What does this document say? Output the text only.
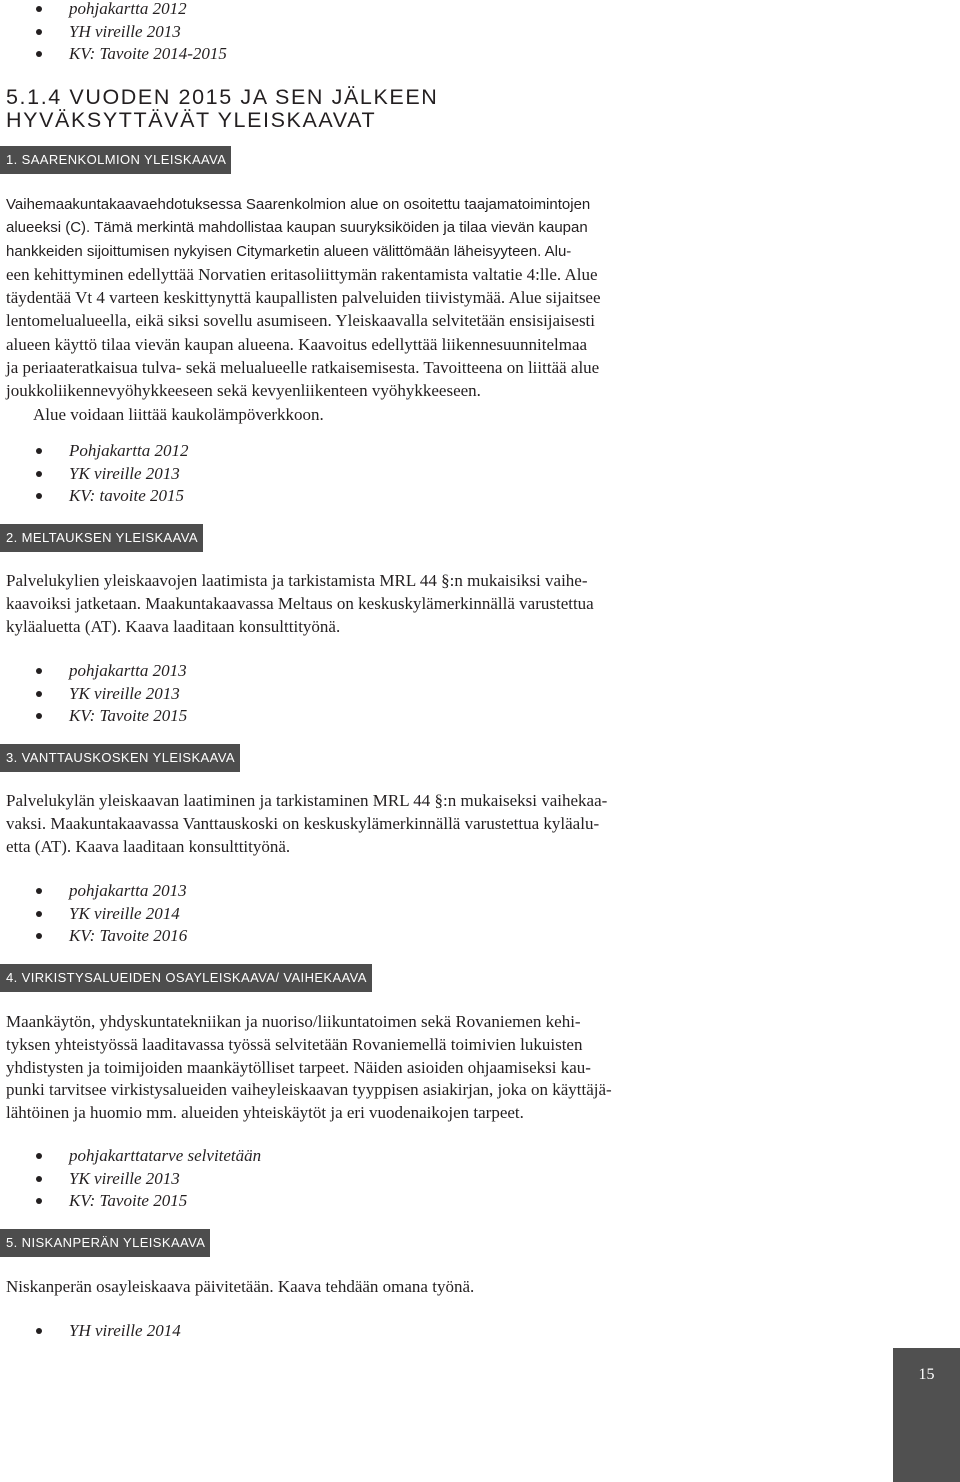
pohjakartta 2012
YH vireille 2013
KV: Tavoite 2014-2015
5.1.4 VUODEN 2015 JA SEN JÄLKEEN
HYVÄKSYTTÄVÄT YLEISKAAVAT
1. SAARENKOLMION YLEISKAAVA

Vaihemaakuntakaavaehdotuksessa Saarenkolmion alue on osoitettu taajamatoimintojen
alueeksi (C). Tämä merkintä mahdollistaa kaupan suuryksiköiden ja tilaa vievän kaupan
hankkeiden sijoittumisen nykyisen Citymarketin alueen välittömään läheisyyteen. Alu-
een kehittyminen edellyttää Norvatien eritasoliittymän rakentamista valtatie 4:lle. Alue
täydentää Vt 4 varteen keskittynyttä kaupallisten palveluiden tiivistymää. Alue sijaitsee
lentomelualueella, eikä siksi sovellu asumiseen. Yleiskaavalla selvitetään ensisijaisesti
alueen käyttö tilaa vievän kaupan alueena. Kaavoitus edellyttää liikennesuunnitelmaa
ja periaateratkaisua tulva- sekä melualueelle ratkaisemisesta. Tavoitteena on liittää alue
joukkoliikennevyöhykkeeseen sekä kevyenliikenteen vyöhykkeeseen.
Alue voidaan liittää kaukolämpöverkkoon.

Pohjakartta 2012
YK vireille 2013
KV: tavoite 2015
2. MELTAUKSEN YLEISKAAVA

Palvelukylien yleiskaavojen laatimista ja tarkistamista MRL 44 §:n mukaisiksi vaihe-
kaavoiksi jatketaan. Maakuntakaavassa Meltaus on keskuskylämerkinnällä varustettua
kyläaluetta (AT). Kaava laaditaan konsulttityönä.

pohjakartta 2013
YK vireille 2013
KV: Tavoite 2015
3. VANTTAUSKOSKEN YLEISKAAVA

Palvelukylän yleiskaavan laatiminen ja tarkistaminen MRL 44 §:n mukaiseksi vaihekaa-
vaksi. Maakuntakaavassa Vanttauskoski on keskuskylämerkinnällä varustettua kyläalu-
etta (AT). Kaava laaditaan konsulttityönä.

pohjakartta 2013
YK vireille 2014
KV: Tavoite 2016
4. VIRKISTYSALUEIDEN OSAYLEISKAAVA/ VAIHEKAAVA

Maankäytön, yhdyskuntatekniikan ja nuoriso/liikuntatoimen sekä Rovaniemen kehi-
tyksen yhteistyössä laaditavassa työssä selvitetään Rovaniemellä toimivien lukuisten
yhdistysten ja toimijoiden maankäytölliset tarpeet. Näiden asioiden ohjaamiseksi kau-
punki tarvitsee virkistysalueiden vaiheyleiskaavan tyyppisen asiakirjan, joka on käyttäjä-
lähtöinen ja huomio mm. alueiden yhteiskäytöt ja eri vuodenaikojen tarpeet.

pohjakarttatarve selvitetään
YK vireille 2013
KV: Tavoite 2015
5. NISKANPERÄN YLEISKAAVA

Niskanperän osayleiskaava päivitetään. Kaava tehdään omana työnä.

YH vireille 2014
15
